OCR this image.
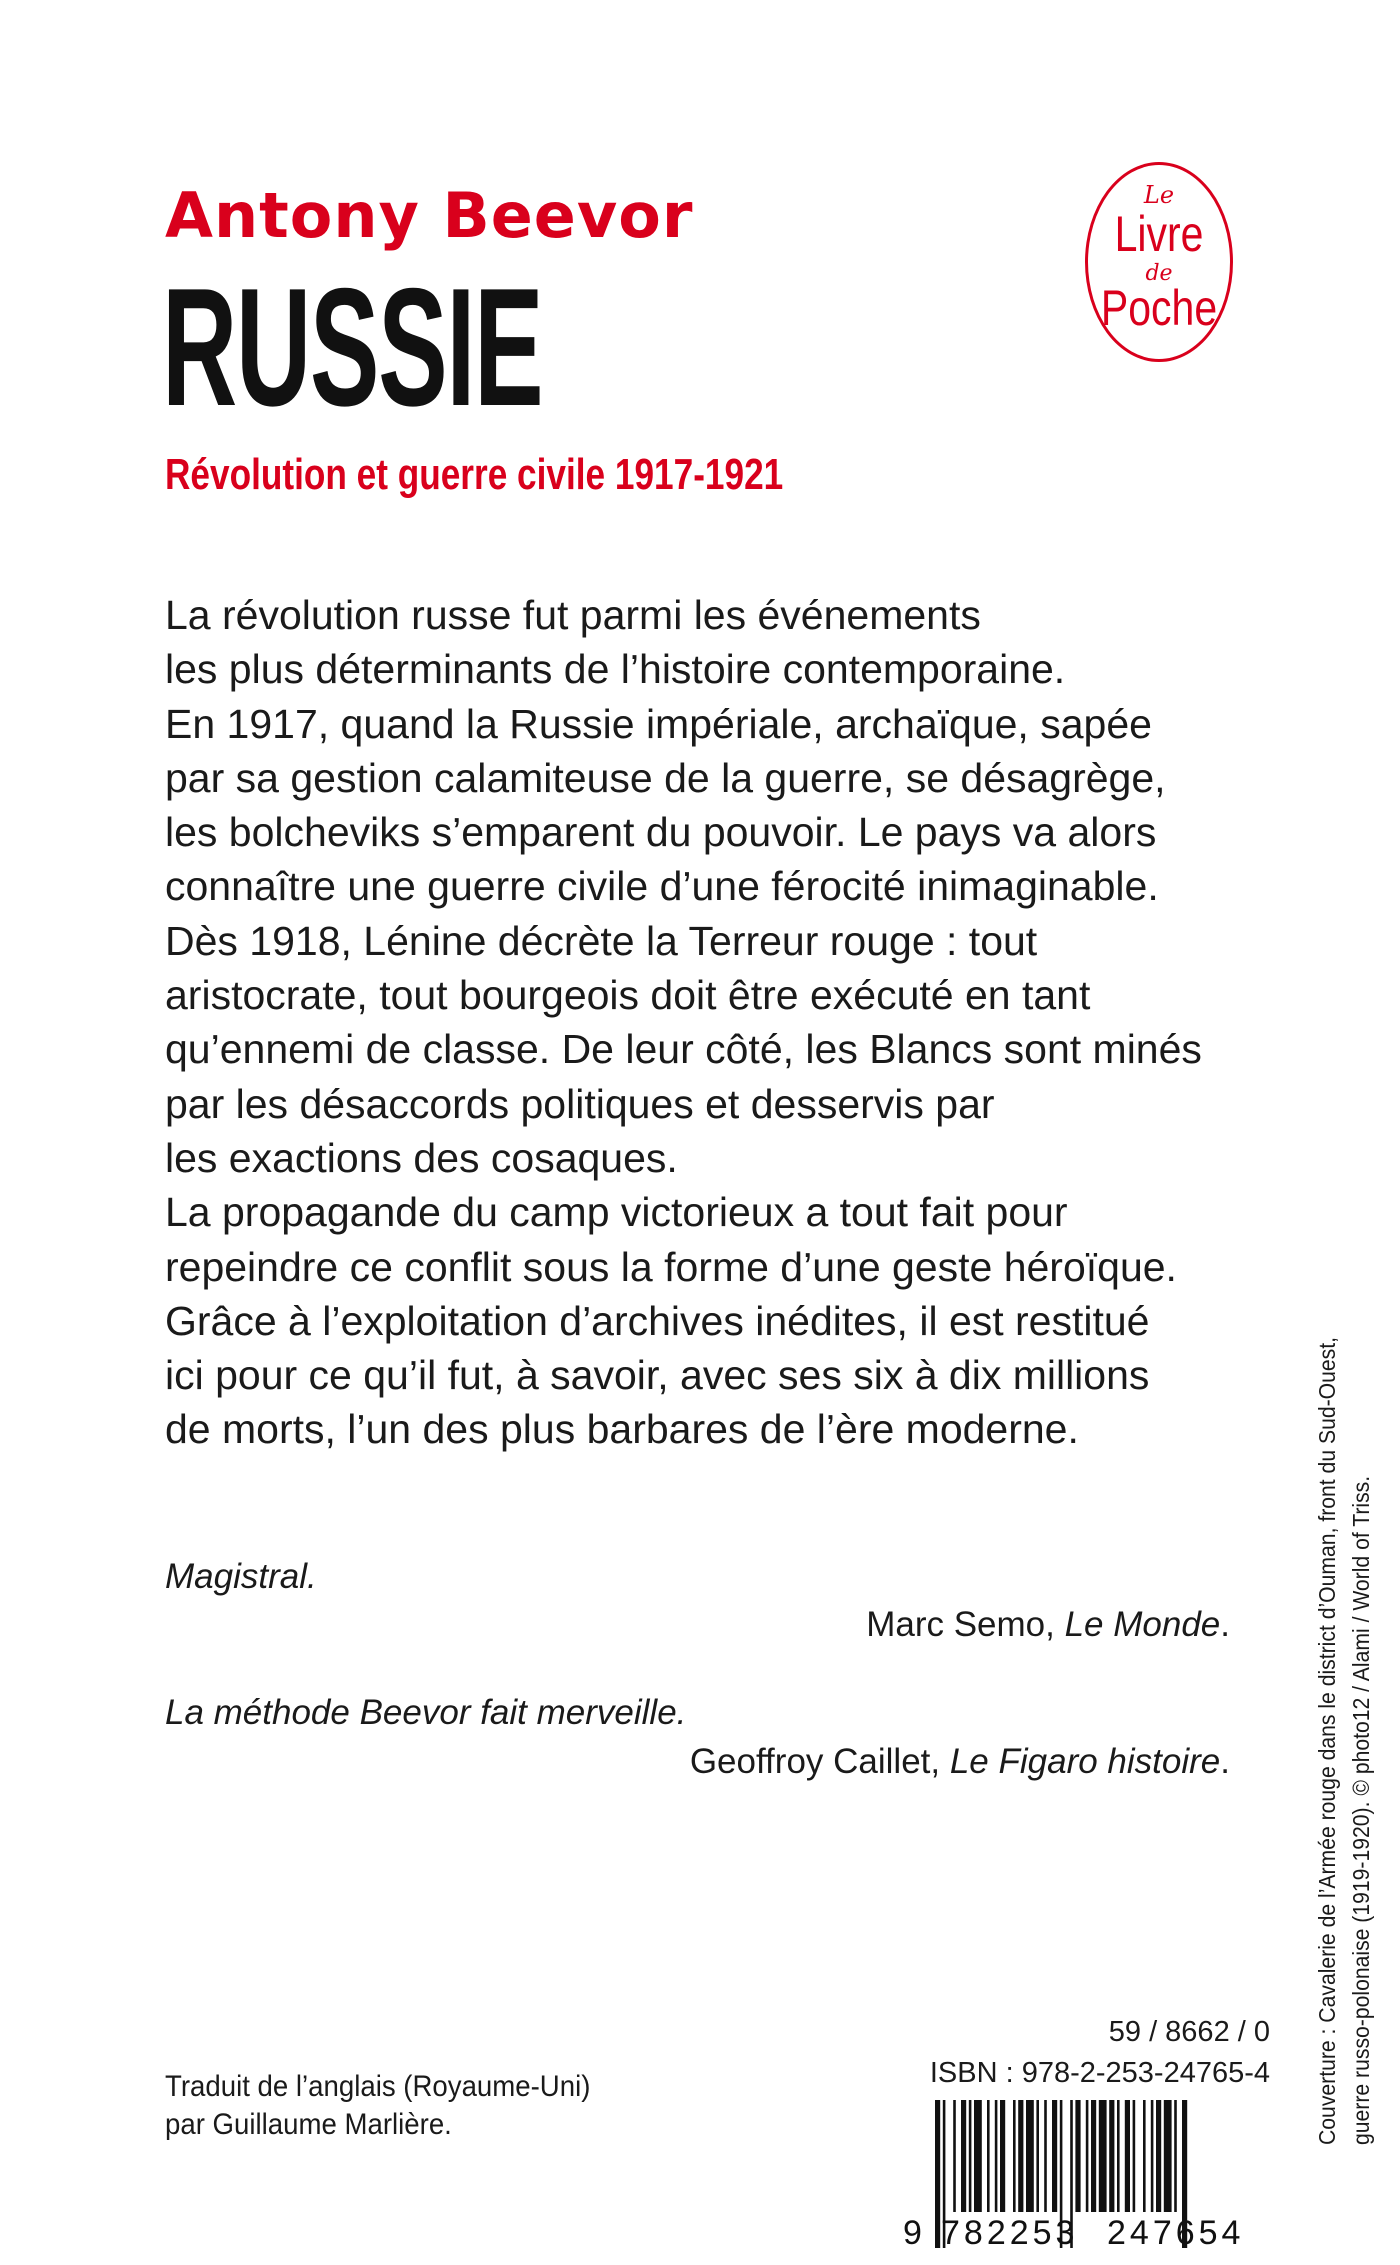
Antony Beevor
RUSSIE
Révolution et guerre civile 1917-1921
Le
Livre
de
Poche
La révolution russe fut parmi les événements
les plus déterminants de l’histoire contemporaine.
En 1917, quand la Russie impériale, archaïque, sapée
par sa gestion calamiteuse de la guerre, se désagrège,
les bolcheviks s’emparent du pouvoir. Le pays va alors
connaître une guerre civile d’une férocité inimaginable.
Dès 1918, Lénine décrète la Terreur rouge : tout
aristocrate, tout bourgeois doit être exécuté en tant
qu’ennemi de classe. De leur côté, les Blancs sont minés
par les désaccords politiques et desservis par
les exactions des cosaques.
La propagande du camp victorieux a tout fait pour
repeindre ce conflit sous la forme d’une geste héroïque.
Grâce à l’exploitation d’archives inédites, il est restitué
ici pour ce qu’il fut, à savoir, avec ses six à dix millions
de morts, l’un des plus barbares de l’ère moderne.
Magistral.
Marc Semo, Le Monde.
La méthode Beevor fait merveille.
Geoffroy Caillet, Le Figaro histoire.
Traduit de l’anglais (Royaume-Uni)
par Guillaume Marlière.
59 / 8662 / 0
ISBN : 978-2-253-24765-4
9 782253 247654
Couverture : Cavalerie de l’Armée rouge dans le district d’Ouman, front du Sud-Ouest, guerre russo-polonaise (1919-1920). © photo12 / Alami / World of Triss.
